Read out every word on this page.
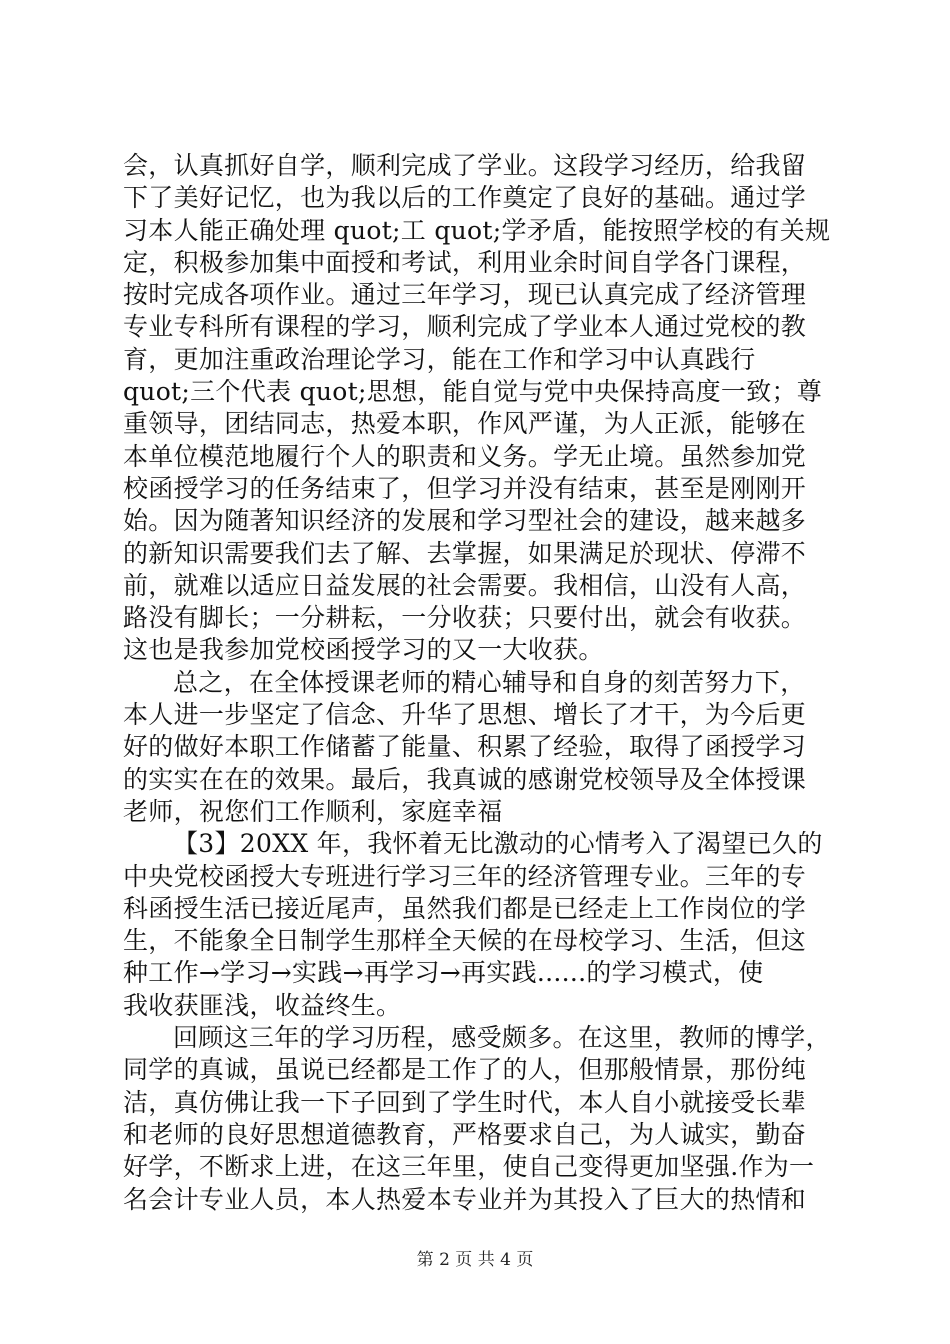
会，认真抓好自学，顺利完成了学业。这段学习经历，给我留
下了美好记忆，也为我以后的工作奠定了良好的基础。通过学
习本人能正确处理 quot;工 quot;学矛盾，能按照学校的有关规
定，积极参加集中面授和考试，利用业余时间自学各门课程，
按时完成各项作业。通过三年学习，现已认真完成了经济管理
专业专科所有课程的学习，顺利完成了学业本人通过党校的教
育，更加注重政治理论学习，能在工作和学习中认真践行
quot;三个代表 quot;思想，能自觉与党中央保持高度一致；尊
重领导，团结同志，热爱本职，作风严谨，为人正派，能够在
本单位模范地履行个人的职责和义务。学无止境。虽然参加党
校函授学习的任务结束了，但学习并没有结束，甚至是刚刚开
始。因为随著知识经济的发展和学习型社会的建设，越来越多
的新知识需要我们去了解、去掌握，如果满足於现状、停滞不
前，就难以适应日益发展的社会需要。我相信，山没有人高，
路没有脚长；一分耕耘，一分收获；只要付出，就会有收获。
这也是我参加党校函授学习的又一大收获。
总之，在全体授课老师的精心辅导和自身的刻苦努力下，
本人进一步坚定了信念、升华了思想、增长了才干，为今后更
好的做好本职工作储蓄了能量、积累了经验，取得了函授学习
的实实在在的效果。最后，我真诚的感谢党校领导及全体授课
老师，祝您们工作顺利，家庭幸福
【3】20XX 年，我怀着无比激动的心情考入了渴望已久的
中央党校函授大专班进行学习三年的经济管理专业。三年的专
科函授生活已接近尾声，虽然我们都是已经走上工作岗位的学
生，不能象全日制学生那样全天候的在母校学习、生活，但这
种工作→学习→实践→再学习→再实践......的学习模式，使
我收获匪浅，收益终生。
回顾这三年的学习历程，感受颇多。在这里，教师的博学，
同学的真诚，虽说已经都是工作了的人，但那般情景，那份纯
洁，真仿佛让我一下子回到了学生时代，本人自小就接受长辈
和老师的良好思想道德教育，严格要求自己，为人诚实，勤奋
好学，不断求上进，在这三年里，使自己变得更加坚强.作为一
名会计专业人员，本人热爱本专业并为其投入了巨大的热情和
第 2 页 共 4 页
